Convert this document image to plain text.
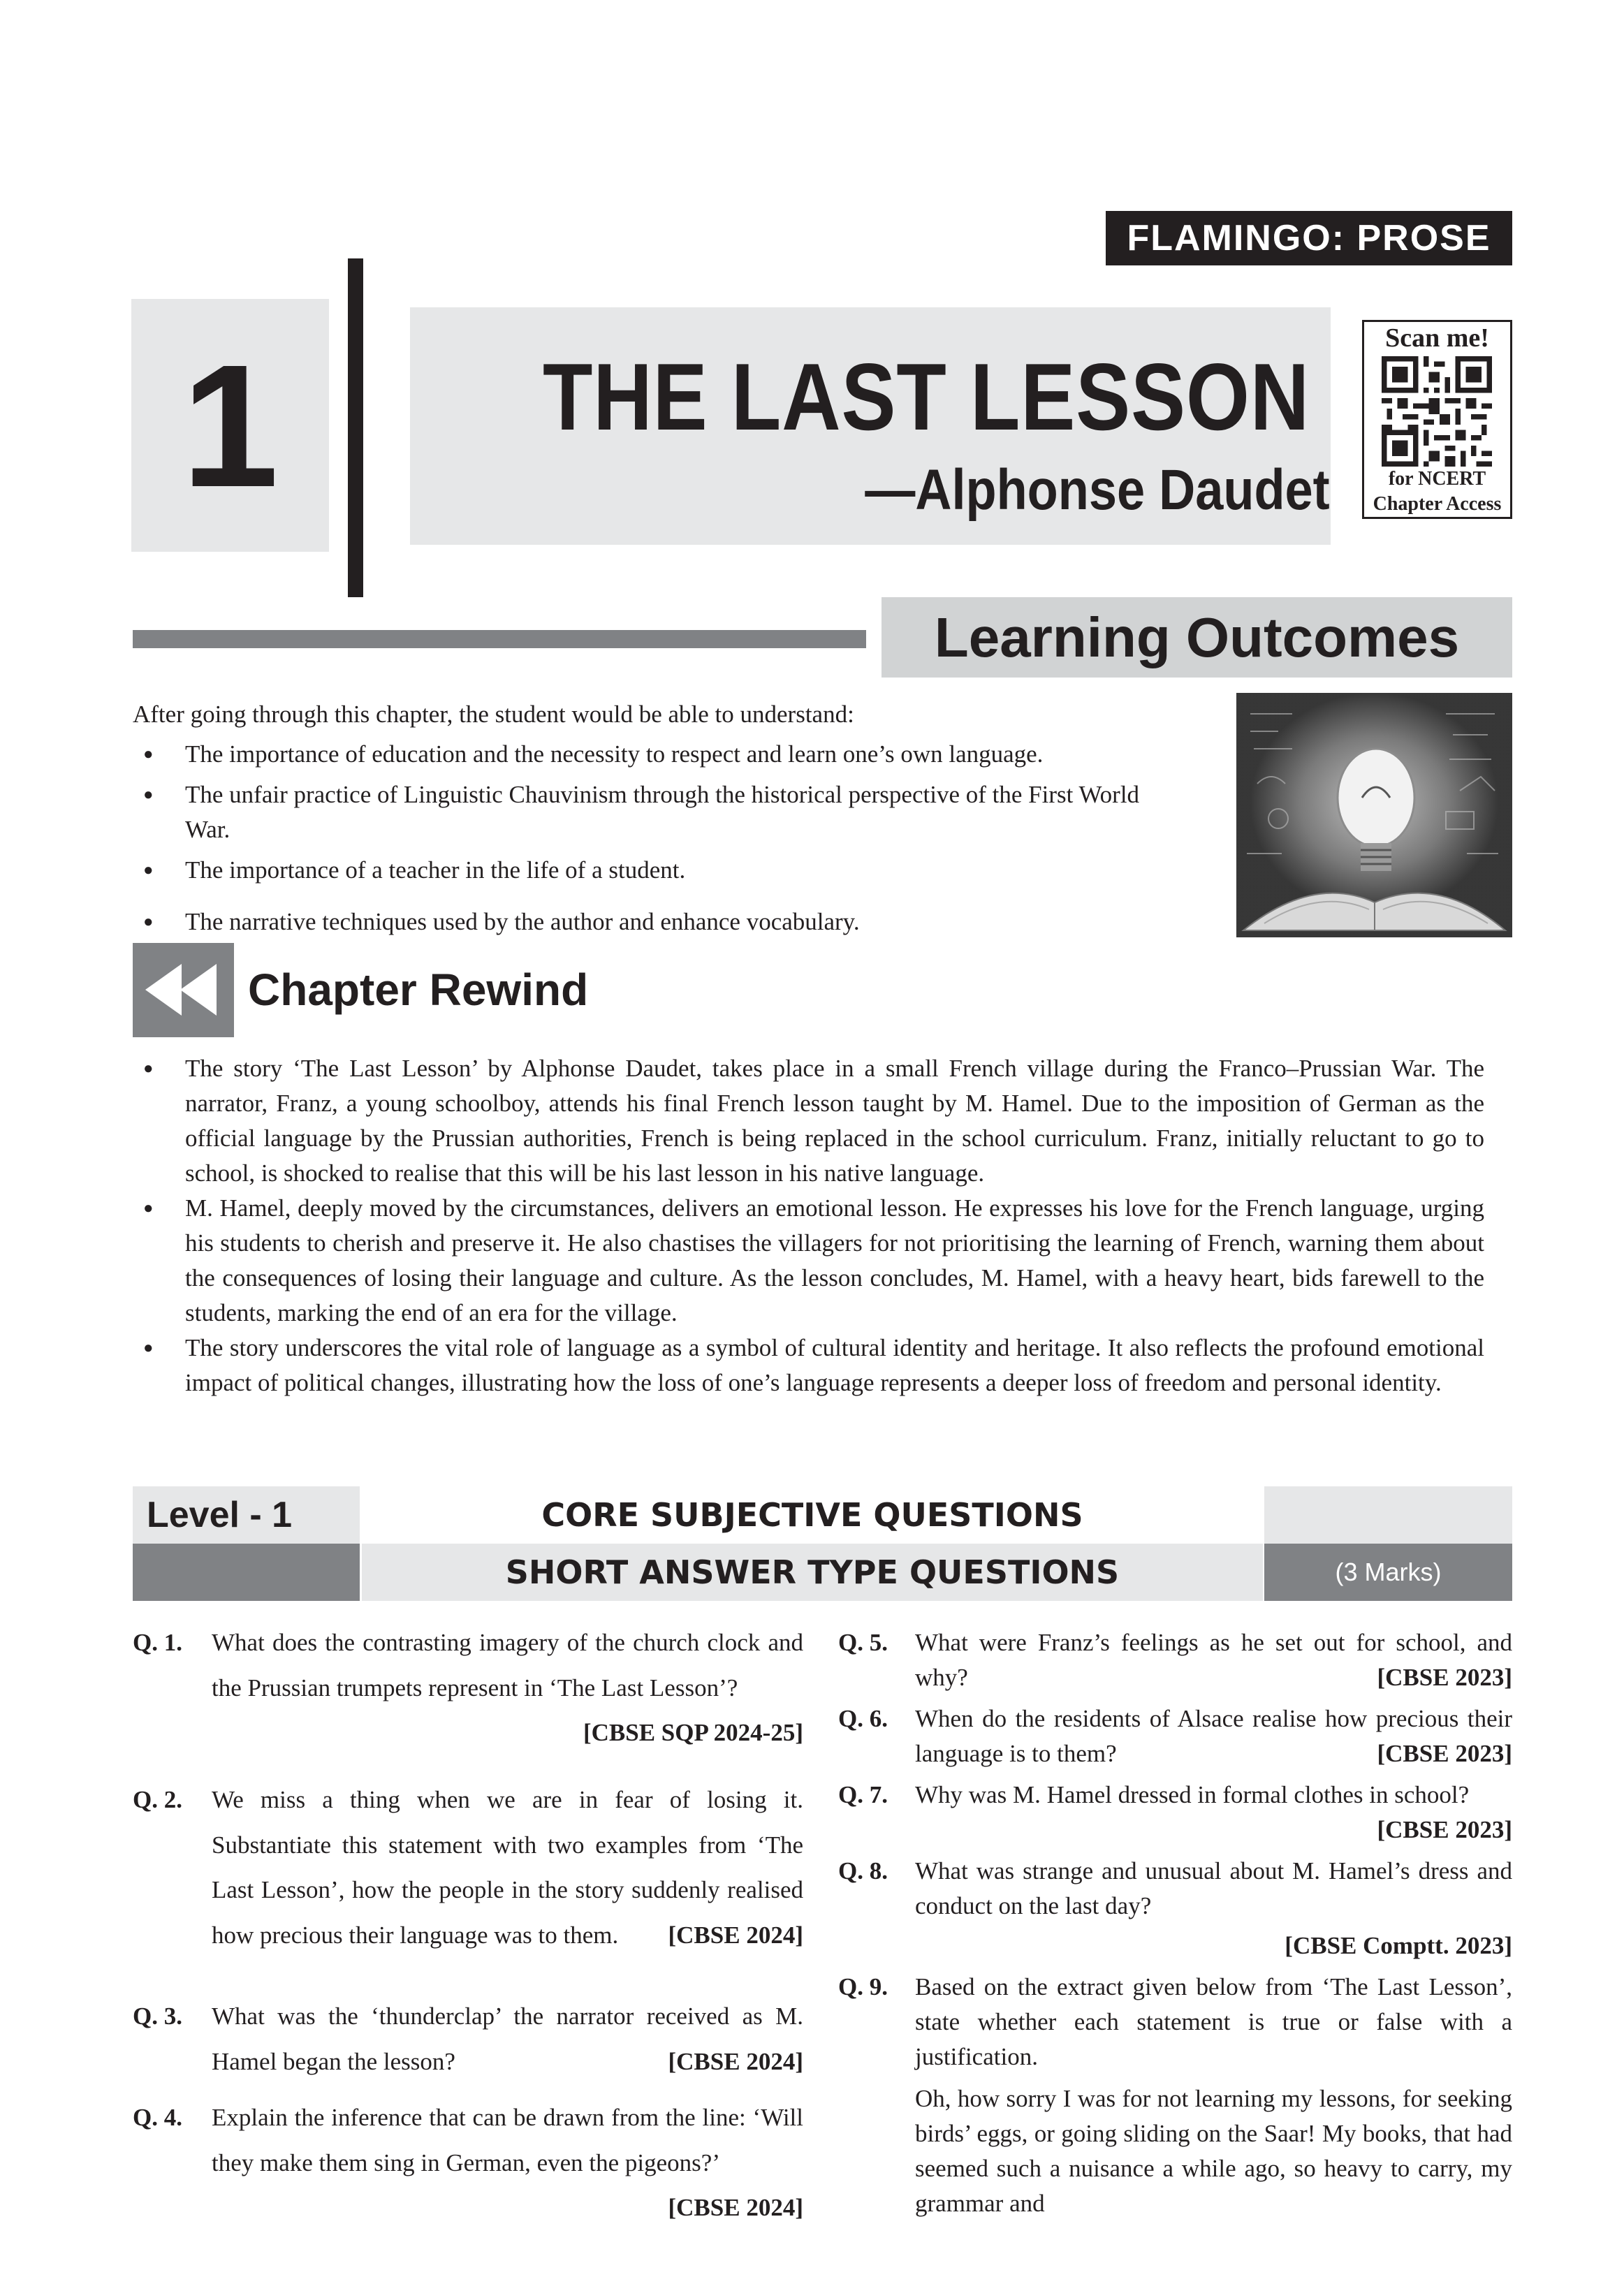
FLAMINGO: PROSE
1	THE LAST LESSON
—Alphonse Daudet
Scan me!
for NCERT
Chapter Access
Learning Outcomes
After going through this chapter, the student would be able to understand:
● The importance of education and the necessity to respect and learn one’s own language.
● The unfair practice of Linguistic Chauvinism through the historical perspective of the First World War.
● The importance of a teacher in the life of a student.
● The narrative techniques used by the author and enhance vocabulary.
Chapter Rewind
● The story ‘The Last Lesson’ by Alphonse Daudet, takes place in a small French village during the Franco–Prussian War. The narrator, Franz, a young schoolboy, attends his final French lesson taught by M. Hamel. Due to the imposition of German as the official language by the Prussian authorities, French is being replaced in the school curriculum. Franz, initially reluctant to go to school, is shocked to realise that this will be his last lesson in his native language.
● M. Hamel, deeply moved by the circumstances, delivers an emotional lesson. He expresses his love for the French language, urging his students to cherish and preserve it. He also chastises the villagers for not prioritising the learning of French, warning them about the consequences of losing their language and culture. As the lesson concludes, M. Hamel, with a heavy heart, bids farewell to the students, marking the end of an era for the village.
● The story underscores the vital role of language as a symbol of cultural identity and heritage. It also reflects the profound emotional impact of political changes, illustrating how the loss of one’s language represents a deeper loss of freedom and personal identity.
Level - 1	CORE SUBJECTIVE QUESTIONS
SHORT ANSWER TYPE QUESTIONS	(3 Marks)
Q. 1. What does the contrasting imagery of the church clock and the Prussian trumpets represent in ‘The Last Lesson’?
[CBSE SQP 2024-25]
Q. 2. We miss a thing when we are in fear of losing it. Substantiate this statement with two examples from ‘The Last Lesson’, how the people in the story suddenly realised how precious their language was to them. [CBSE 2024]
Q. 3. What was the ‘thunderclap’ the narrator received as M. Hamel began the lesson?	[CBSE 2024]
Q. 4. Explain the inference that can be drawn from the line: ‘Will they make them sing in German, even the pigeons?’
[CBSE 2024]
Q. 5. What were Franz’s feelings as he set out for school, and why?	[CBSE 2023]
Q. 6. When do the residents of Alsace realise how precious their language is to them?	[CBSE 2023]
Q. 7. Why was M. Hamel dressed in formal clothes in school?
[CBSE 2023]
Q. 8. What was strange and unusual about M. Hamel’s dress and conduct on the last day?
[CBSE Comptt. 2023]
Q. 9. Based on the extract given below from ‘The Last Lesson’, state whether each statement is true or false with a justification.
Oh, how sorry I was for not learning my lessons, for seeking birds’ eggs, or going sliding on the Saar! My books, that had seemed such a nuisance a while ago, so heavy to carry, my grammar and
